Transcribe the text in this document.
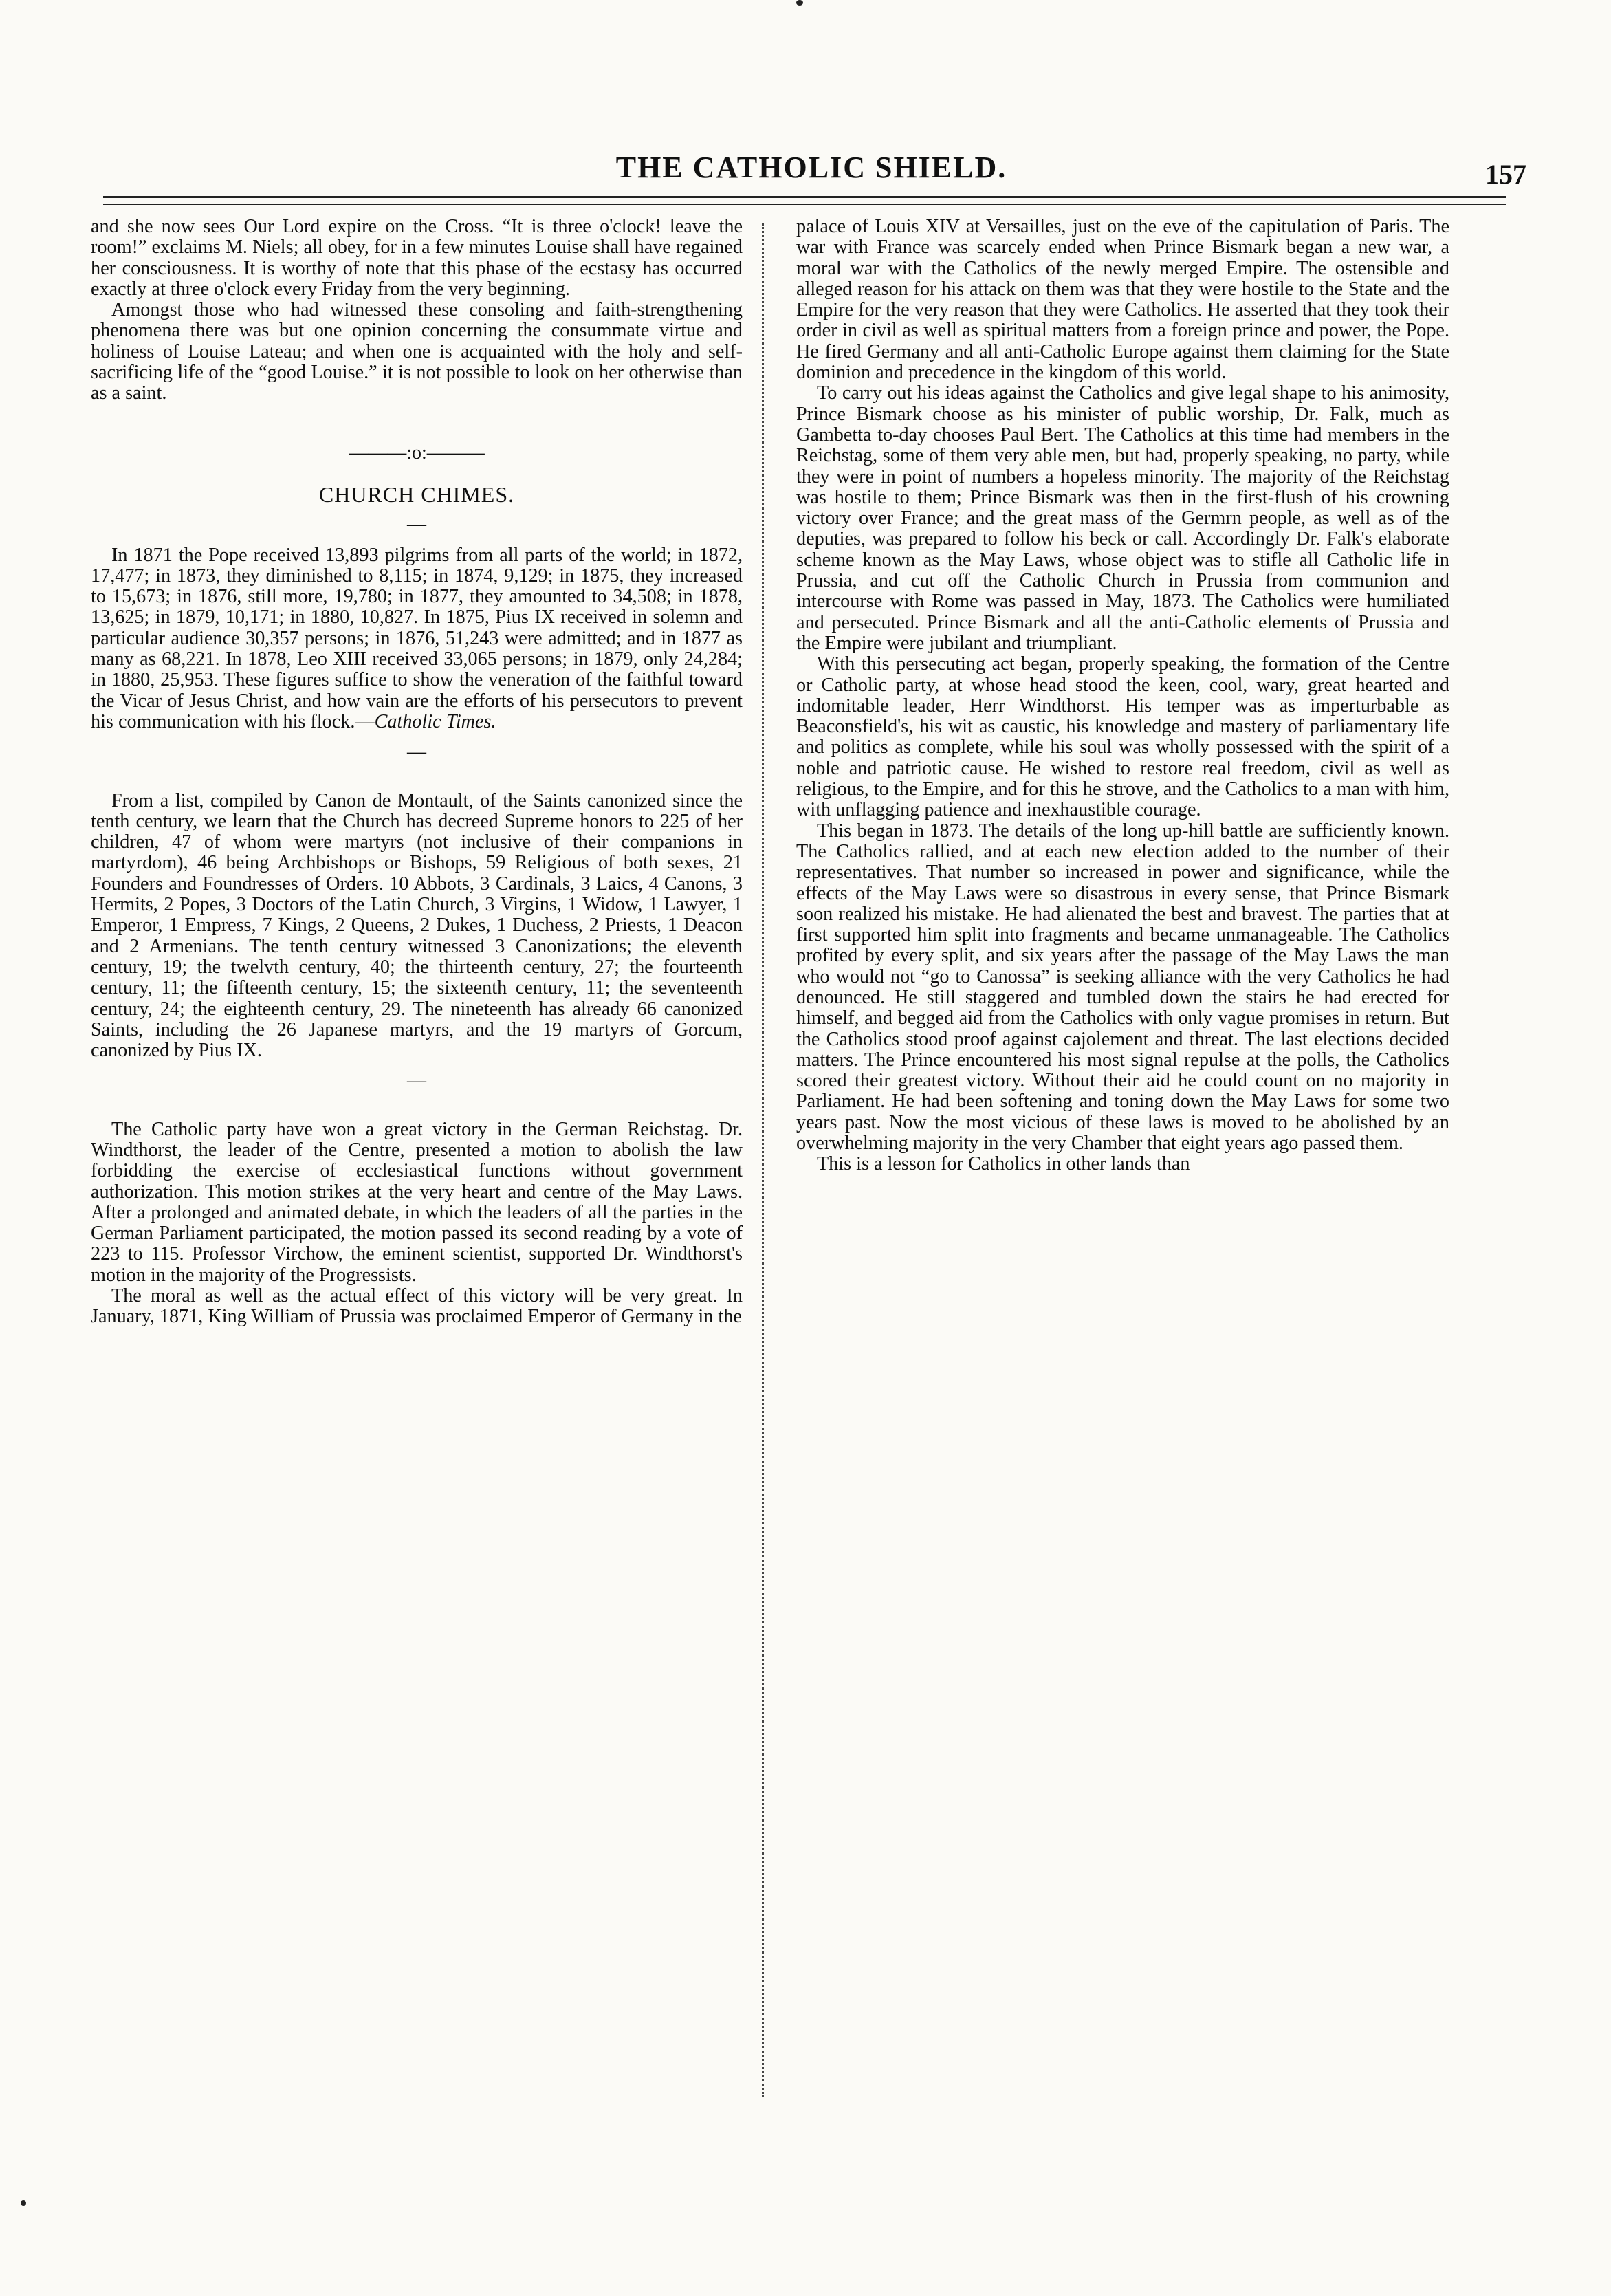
THE CATHOLIC SHIELD.	157

and she now sees Our Lord expire on the Cross. “It is three o'clock! leave the room!” exclaims M. Niels; all obey, for in a few minutes Louise shall have regained her consciousness. It is worthy of note that this phase of the ecstasy has occurred exactly at three o'clock every Friday from the very beginning.

Amongst those who had witnessed these consoling and faith-strengthening phenomena there was but one opinion concerning the consummate virtue and holiness of Louise Lateau; and when one is acquainted with the holy and self-sacrificing life of the “good Louise.” it is not possible to look on her otherwise than as a saint.

———:o:———
CHURCH CHIMES.
—

In 1871 the Pope received 13,893 pilgrims from all parts of the world; in 1872, 17,477; in 1873, they diminished to 8,115; in 1874, 9,129; in 1875, they increased to 15,673; in 1876, still more, 19,780; in 1877, they amounted to 34,508; in 1878, 13,625; in 1879, 10,171; in 1880, 10,827. In 1875, Pius IX received in solemn and particular audience 30,357 persons; in 1876, 51,243 were admitted; and in 1877 as many as 68,221. In 1878, Leo XIII received 33,065 persons; in 1879, only 24,284; in 1880, 25,953. These figures suffice to show the veneration of the faithful toward the Vicar of Jesus Christ, and how vain are the efforts of his persecutors to prevent his communication with his flock.—Catholic Times.

—

From a list, compiled by Canon de Montault, of the Saints canonized since the tenth century, we learn that the Church has decreed Supreme honors to 225 of her children, 47 of whom were martyrs (not inclusive of their companions in martyrdom), 46 being Archbishops or Bishops, 59 Religious of both sexes, 21 Founders and Foundresses of Orders. 10 Abbots, 3 Cardinals, 3 Laics, 4 Canons, 3 Hermits, 2 Popes, 3 Doctors of the Latin Church, 3 Virgins, 1 Widow, 1 Lawyer, 1 Emperor, 1 Empress, 7 Kings, 2 Queens, 2 Dukes, 1 Duchess, 2 Priests, 1 Deacon and 2 Armenians. The tenth century witnessed 3 Canonizations; the eleventh century, 19; the twelvth century, 40; the thirteenth century, 27; the fourteenth century, 11; the fifteenth century, 15; the sixteenth century, 11; the seventeenth century, 24; the eighteenth century, 29. The nineteenth has already 66 canonized Saints, including the 26 Japanese martyrs, and the 19 martyrs of Gorcum, canonized by Pius IX.

—

The Catholic party have won a great victory in the German Reichstag. Dr. Windthorst, the leader of the Centre, presented a motion to abolish the law forbidding the exercise of ecclesiastical functions without government authorization. This motion strikes at the very heart and centre of the May Laws. After a prolonged and animated debate, in which the leaders of all the parties in the German Parliament participated, the motion passed its second reading by a vote of 223 to 115. Professor Virchow, the eminent scientist, supported Dr. Windthorst's motion in the majority of the Progressists.

The moral as well as the actual effect of this victory will be very great. In January, 1871, King William of Prussia was proclaimed Emperor of Germany in the

palace of Louis XIV at Versailles, just on the eve of the capitulation of Paris. The war with France was scarcely ended when Prince Bismark began a new war, a moral war with the Catholics of the newly merged Empire. The ostensible and alleged reason for his attack on them was that they were hostile to the State and the Empire for the very reason that they were Catholics. He asserted that they took their order in civil as well as spiritual matters from a foreign prince and power, the Pope. He fired Germany and all anti-Catholic Europe against them claiming for the State dominion and precedence in the kingdom of this world.

To carry out his ideas against the Catholics and give legal shape to his animosity, Prince Bismark choose as his minister of public worship, Dr. Falk, much as Gambetta to-day chooses Paul Bert. The Catholics at this time had members in the Reichstag, some of them very able men, but had, properly speaking, no party, while they were in point of numbers a hopeless minority. The majority of the Reichstag was hostile to them; Prince Bismark was then in the first-flush of his crowning victory over France; and the great mass of the Germrn people, as well as of the deputies, was prepared to follow his beck or call. Accordingly Dr. Falk's elaborate scheme known as the May Laws, whose object was to stifle all Catholic life in Prussia, and cut off the Catholic Church in Prussia from communion and intercourse with Rome was passed in May, 1873. The Catholics were humiliated and persecuted. Prince Bismark and all the anti-Catholic elements of Prussia and the Empire were jubilant and triumpliant.

With this persecuting act began, properly speaking, the formation of the Centre or Catholic party, at whose head stood the keen, cool, wary, great hearted and indomitable leader, Herr Windthorst. His temper was as imperturbable as Beaconsfield's, his wit as caustic, his knowledge and mastery of parliamentary life and politics as complete, while his soul was wholly possessed with the spirit of a noble and patriotic cause. He wished to restore real freedom, civil as well as religious, to the Empire, and for this he strove, and the Catholics to a man with him, with unflagging patience and inexhaustible courage.

This began in 1873. The details of the long up-hill battle are sufficiently known. The Catholics rallied, and at each new election added to the number of their representatives. That number so increased in power and significance, while the effects of the May Laws were so disastrous in every sense, that Prince Bismark soon realized his mistake. He had alienated the best and bravest. The parties that at first supported him split into fragments and became unmanageable. The Catholics profited by every split, and six years after the passage of the May Laws the man who would not “go to Canossa” is seeking alliance with the very Catholics he had denounced. He still staggered and tumbled down the stairs he had erected for himself, and begged aid from the Catholics with only vague promises in return. But the Catholics stood proof against cajolement and threat. The last elections decided matters. The Prince encountered his most signal repulse at the polls, the Catholics scored their greatest victory. Without their aid he could count on no majority in Parliament. He had been softening and toning down the May Laws for some two years past. Now the most vicious of these laws is moved to be abolished by an overwhelming majority in the very Chamber that eight years ago passed them.

This is a lesson for Catholics in other lands than
